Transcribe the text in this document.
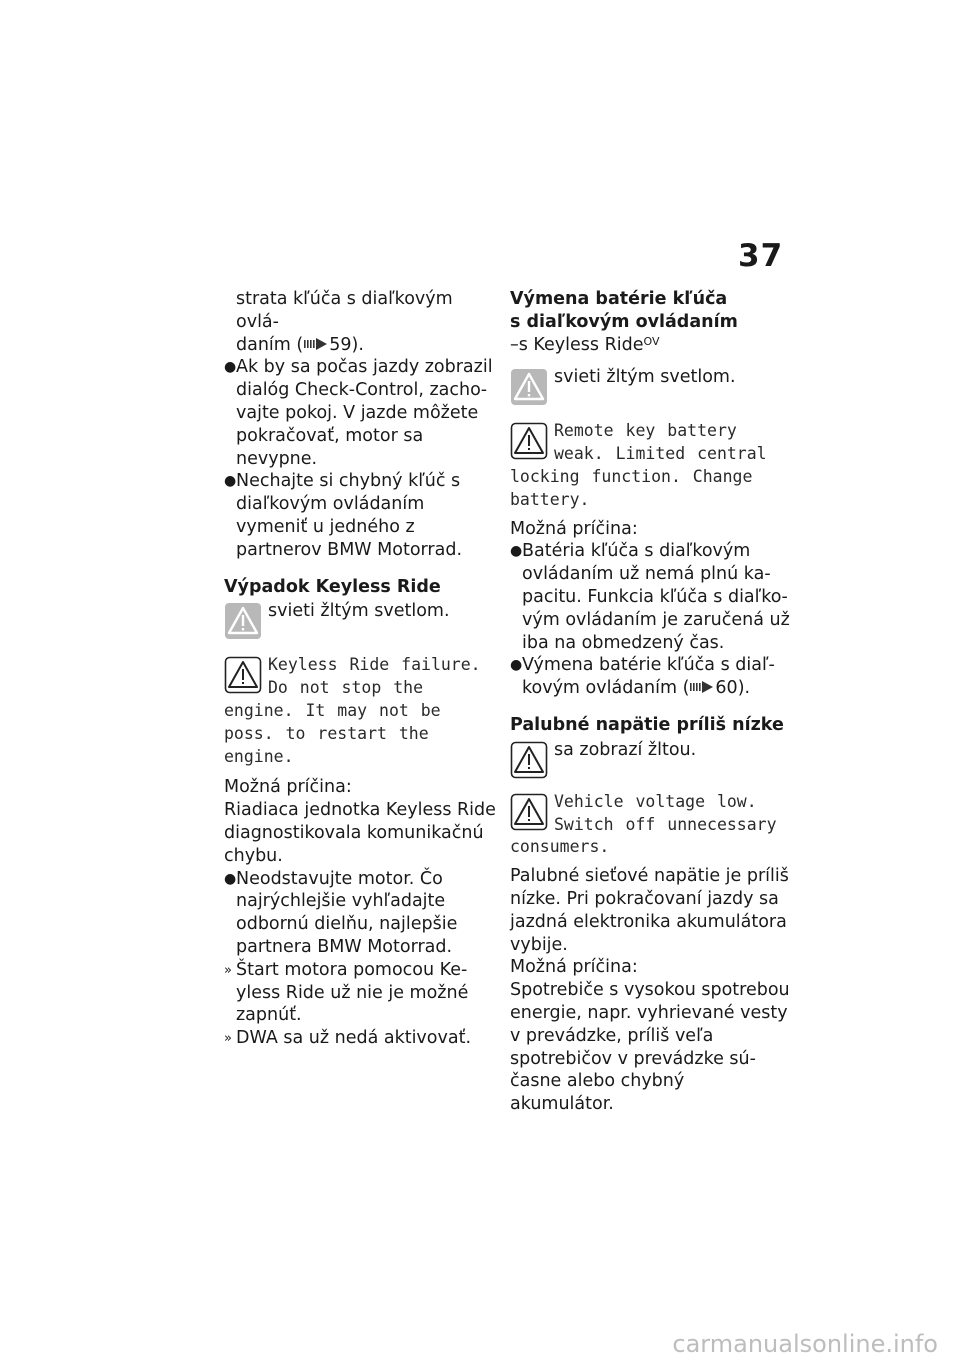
37

strata kľúča s diaľkovým ovlá-

daním ( 59).

● Ak by sa počas jazdy zobrazil dialóg Check-Control, zachovajte pokoj. V jazde môžete pokračovať, motor sa nevypne.
● Nechajte si chybný kľúč s diaľkovým ovládaním vymeniť u jedného z partnerov BMW Motorrad.

Výpadok Keyless Ride

svieti žltým svetlom.
Keyless Ride failure. Do not stop the engine. It may not be poss. to restart the engine.

Možná príčina:

Riadiaca jednotka Keyless Ride diagnostikovala komunikačnú chybu.

● Neodstavujte motor. Čo najrýchlejšie vyhľadajte odbornú dielňu, najlepšie partnera BMW Motorrad.
» Štart motora pomocou Keyless Ride už nie je možné zapnúť.
» DWA sa už nedá aktivovať.

Výmena batérie kľúča

s diaľkovým ovládaním

–s Keyless Ride$^{OV}$

svieti žltým svetlom.
Remote key battery weak. Limited central locking function. Change battery.

Možná príčina:

● Batéria kľúča s diaľkovým ovládaním už nemá plnú kapacitu. Funkcia kľúča s diaľkovým ovládaním je zaručená už iba na obmedzený čas.
● Výmena batérie kľúča s diaľkovým ovládaním ( 60).

Palubné napätie príliš nízke

sa zobrazí žltou.
Vehicle voltage low. Switch off unnecessary consumers.

Palubné sieťové napätie je príliš nízke. Pri pokračovaní jazdy sa jazdná elektronika akumulátora vybije.

Možná príčina:

Spotrebiče s vysokou spotrebou energie, napr. vyhrievané vesty v prevádzke, príliš veľa spotrebičov v prevádzke súčasne alebo chybný akumulátor.

carmanualsonline.info
